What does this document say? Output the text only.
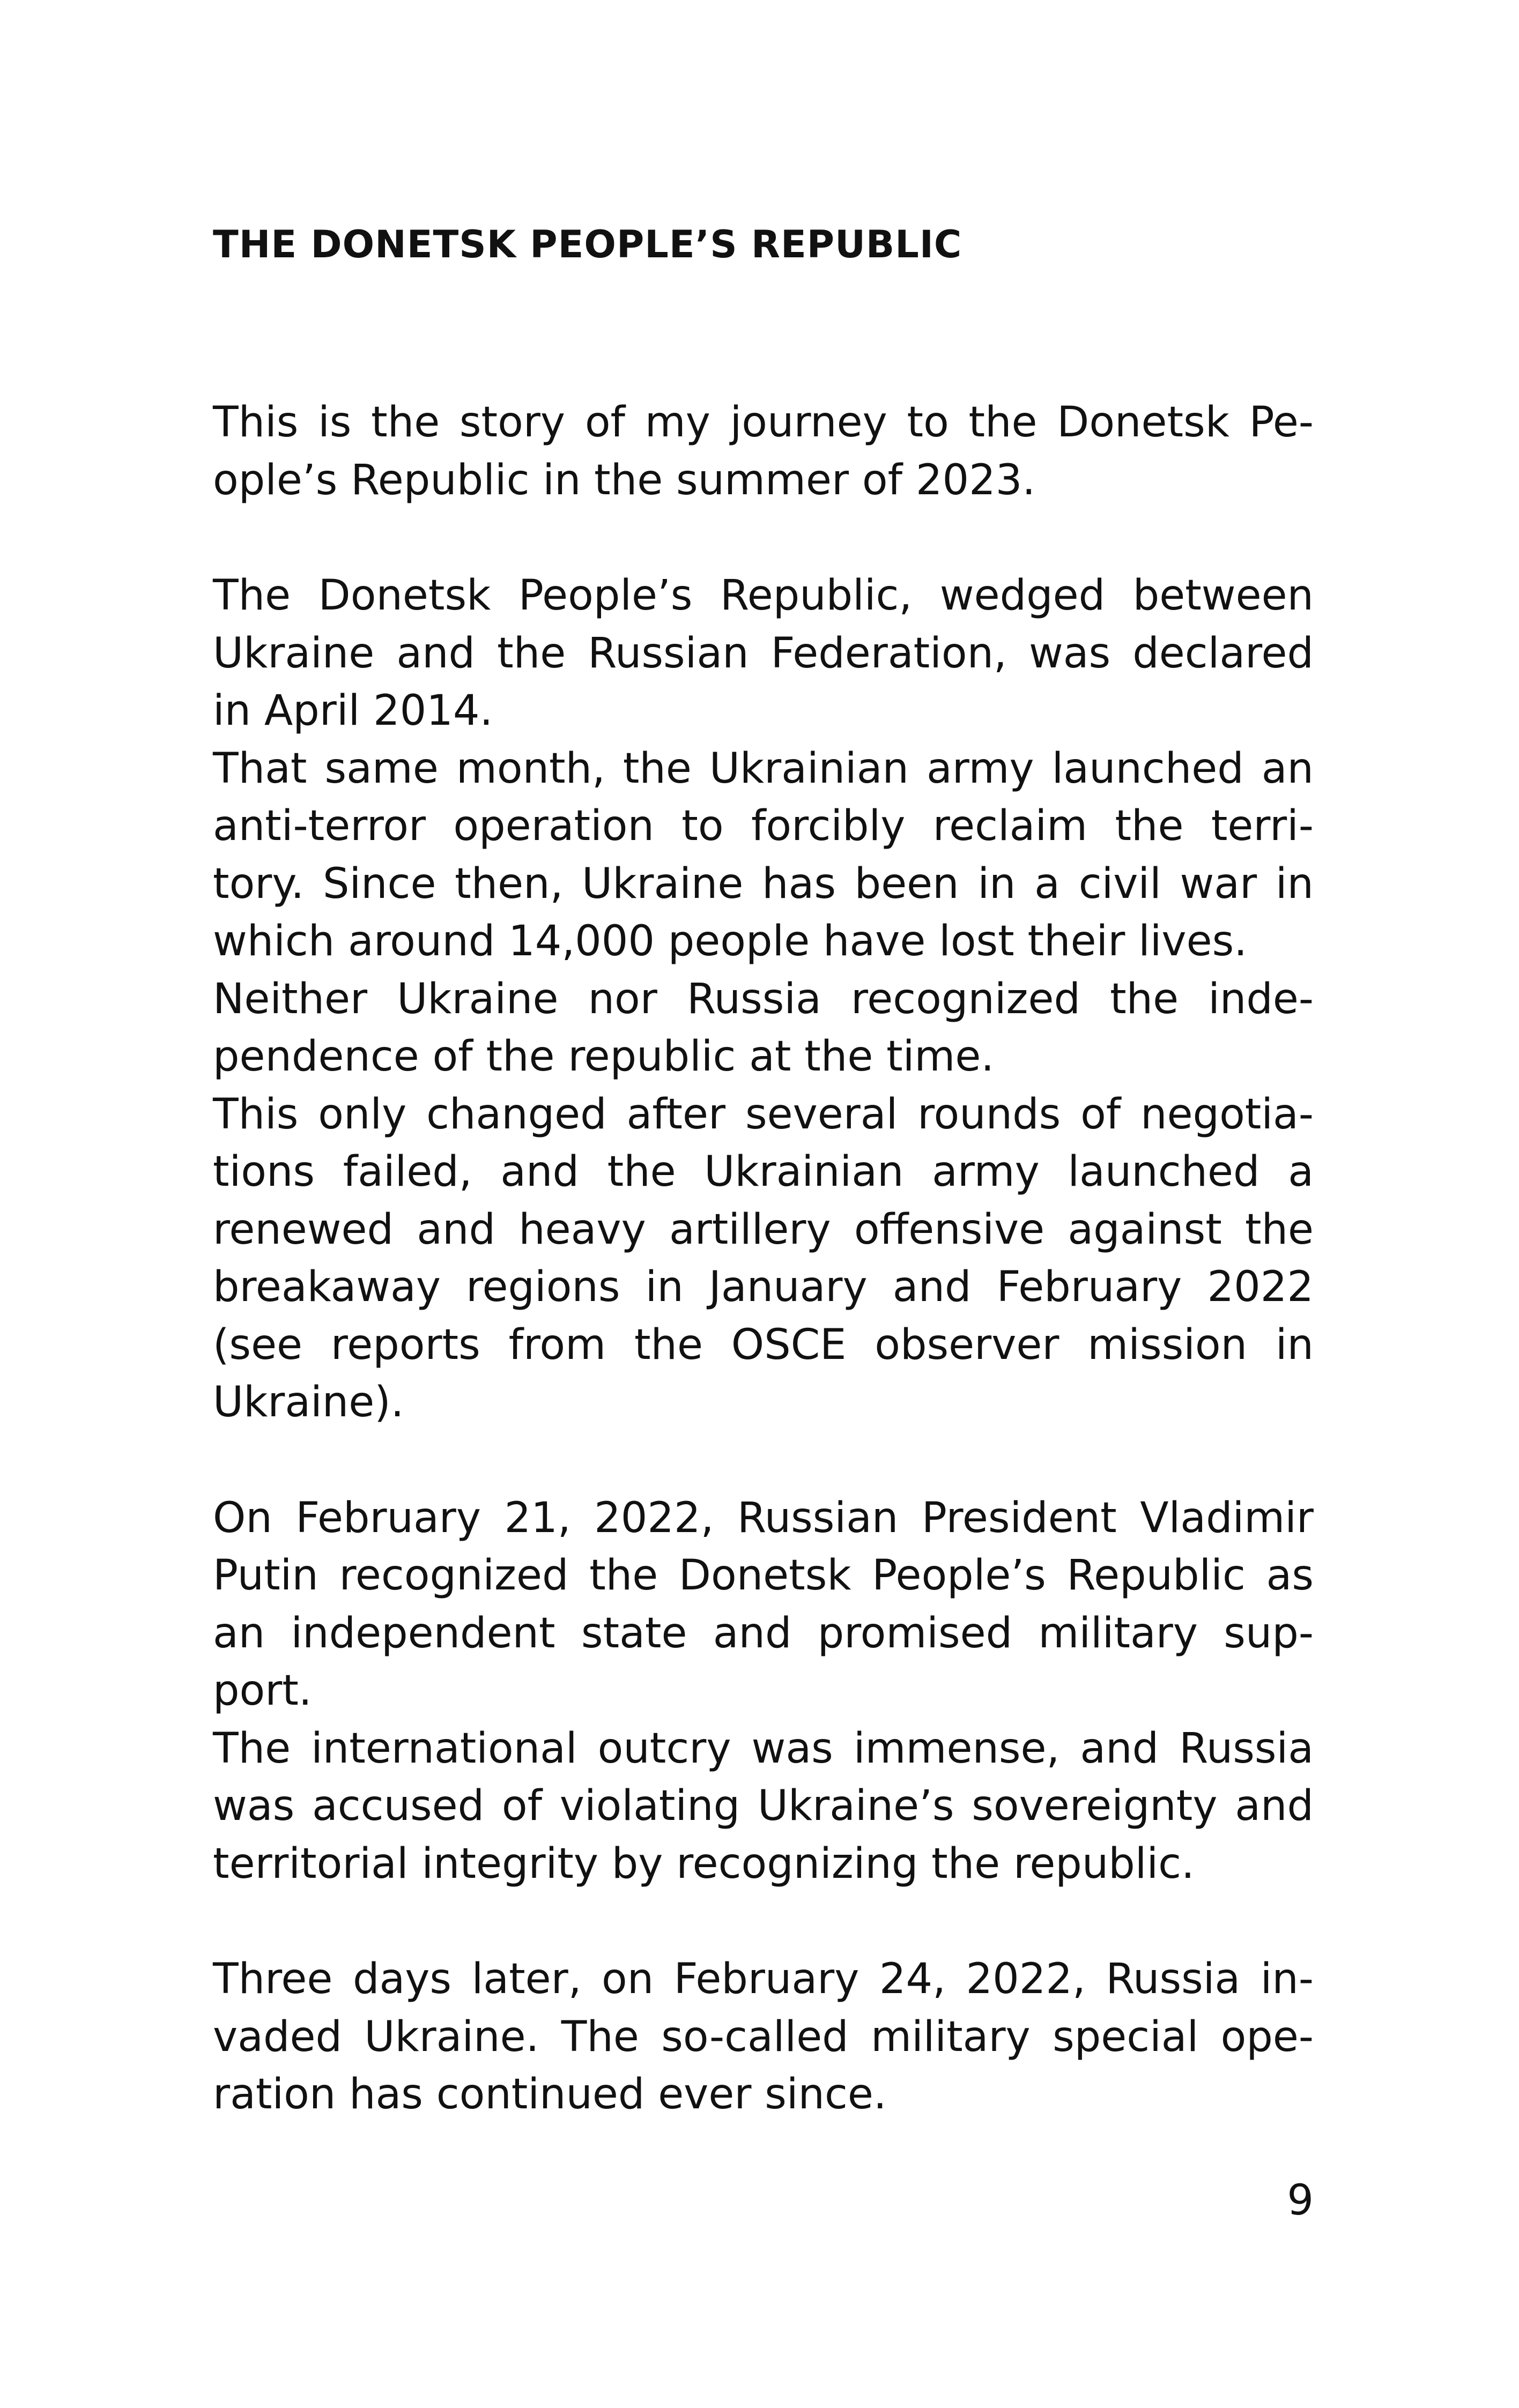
THE DONETSK PEOPLE’S REPUBLIC
This is the story of my journey to the Donetsk Pe-
ople’s Republic in the summer of 2023.
The Donetsk People’s Republic, wedged between
Ukraine and the Russian Federation, was declared
in April 2014.
That same month, the Ukrainian army launched an
anti-terror operation to forcibly reclaim the terri-
tory. Since then, Ukraine has been in a civil war in
which around 14,000 people have lost their lives.
Neither Ukraine nor Russia recognized the inde-
pendence of the republic at the time.
This only changed after several rounds of negotia-
tions failed, and the Ukrainian army launched a
renewed and heavy artillery offensive against the
breakaway regions in January and February 2022
(see reports from the OSCE observer mission in
Ukraine).
On February 21, 2022, Russian President Vladimir
Putin recognized the Donetsk People’s Republic as
an independent state and promised military sup-
port.
The international outcry was immense, and Russia
was accused of violating Ukraine’s sovereignty and
territorial integrity by recognizing the republic.
Three days later, on February 24, 2022, Russia in-
vaded Ukraine. The so-called military special ope-
ration has continued ever since.
9
